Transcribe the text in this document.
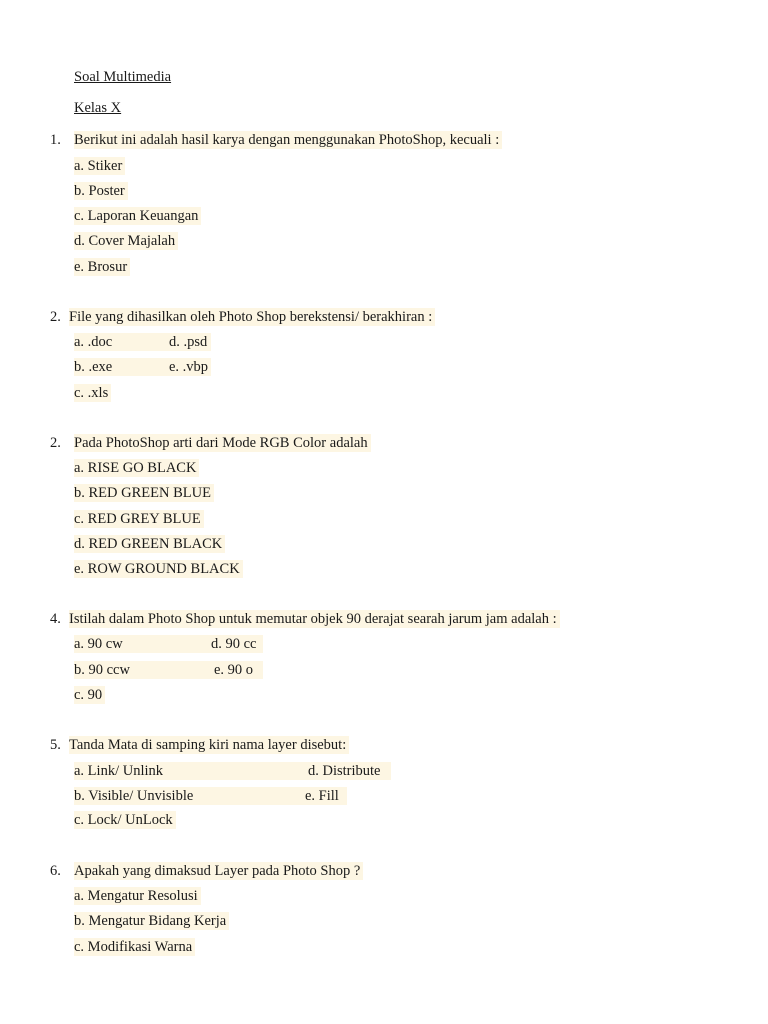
Soal Multimedia
Kelas X
1. Berikut ini adalah hasil karya dengan menggunakan PhotoShop, kecuali :
a. Stiker
b. Poster
c. Laporan Keuangan
d. Cover Majalah
e. Brosur
2. File yang dihasilkan oleh Photo Shop berekstensi/ berakhiran :
a. .doc	d. .psd
b. .exe	e. .vbp
c. .xls
2. Pada PhotoShop arti dari Mode RGB Color adalah
a. RISE GO BLACK
b. RED GREEN BLUE
c. RED GREY BLUE
d. RED GREEN BLACK
e. ROW GROUND BLACK
4. Istilah dalam Photo Shop untuk memutar objek 90 derajat searah jarum jam adalah :
a. 90 cw	d. 90 cc
b. 90 ccw	e. 90 o
c. 90
5. Tanda Mata di samping kiri nama layer disebut:
a. Link/ Unlink	d. Distribute
b. Visible/ Unvisible	e. Fill
c. Lock/ UnLock
6. Apakah yang dimaksud Layer pada Photo Shop ?
a. Mengatur Resolusi
b. Mengatur Bidang Kerja
c. Modifikasi Warna
